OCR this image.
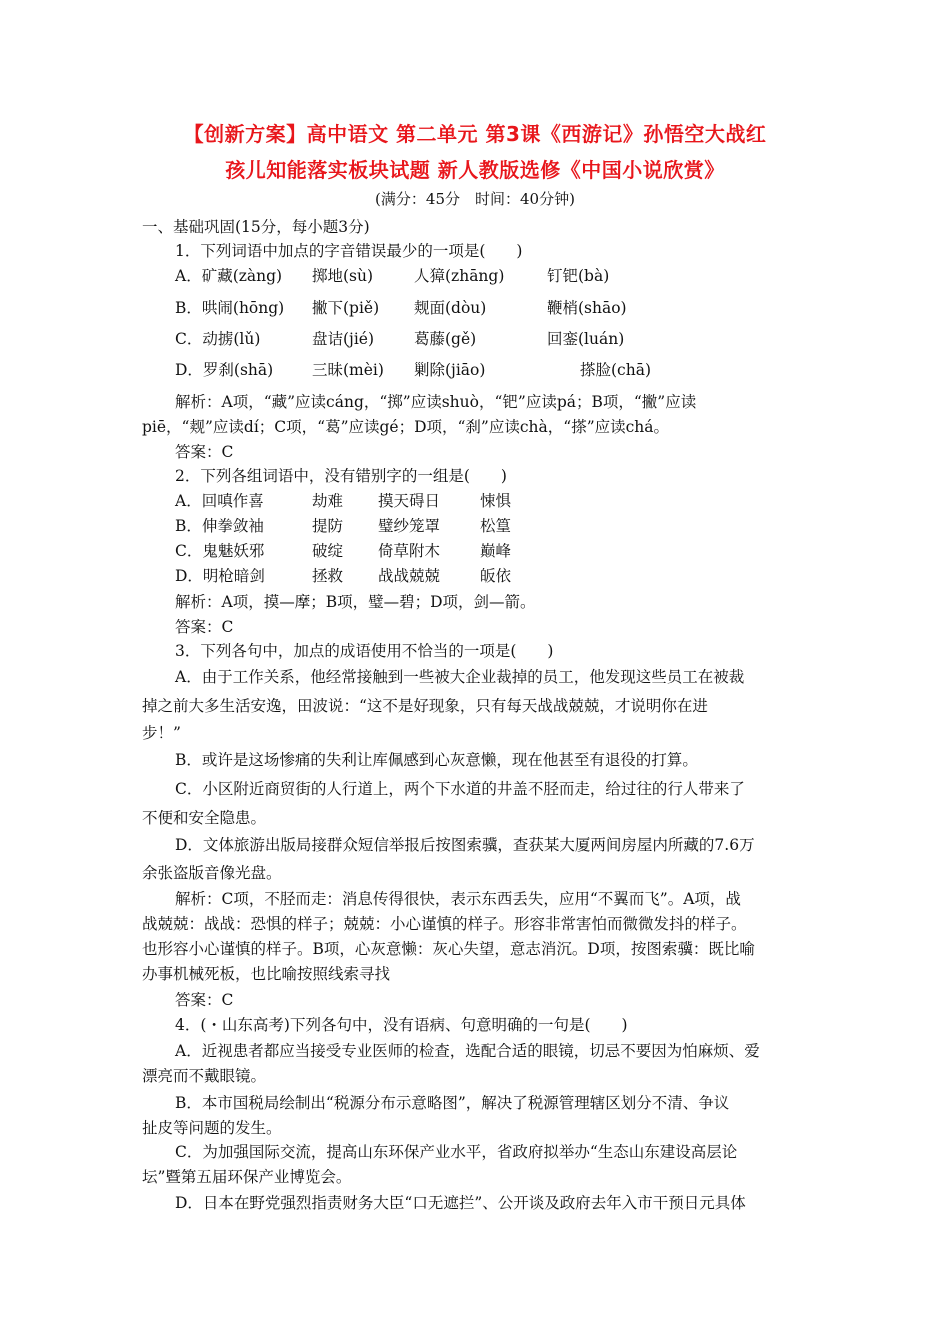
【创新方案】高中语文 第二单元 第3课《西游记》孙悟空大战红
孩儿知能落实板块试题 新人教版选修《中国小说欣赏》
(满分：45分　时间：40分钟)
一、基础巩固(15分，每小题3分)
1．下列词语中加点的字音错误最少的一项是(　　)
A．矿藏(zàng) 掷地(sù)	人獐(zhāng)	钉钯(bà)
B．哄闹(hōng) 撇下(piě) 觌面(dòu)	鞭梢(shāo)
C．动掳(lǔ)	盘诘(jié)	葛藤(gě)	回銮(luán)
D．罗刹(shā)	三昧(mèi) 剿除(jiāo)	搽脸(chā)
解析：A项，“藏”应读cáng，“掷”应读shuò，“钯”应读pá；B项，“撇”应读
piē，“觌”应读dí；C项，“葛”应读gé；D项，“刹”应读chà，“搽”应读chá。
答案：C
2．下列各组词语中，没有错别字的一组是(　　)
A．回嗔作喜	劫难 摸天碍日	悚惧
B．伸拳敛袖	提防 璧纱笼罩	松篁
C．鬼魅妖邪	破绽 倚草附木	巅峰
D．明枪暗剑	拯救 战战兢兢	皈依
解析：A项，摸—摩；B项，璧—碧；D项，剑—箭。
答案：C
3．下列各句中，加点的成语使用不恰当的一项是(　　)
A．由于工作关系，他经常接触到一些被大企业裁掉的员工，他发现这些员工在被裁
掉之前大多生活安逸，田波说：“这不是好现象，只有每天战战兢兢，才说明你在进
步！”
B．或许是这场惨痛的失利让库佩感到心灰意懒，现在他甚至有退役的打算。
C．小区附近商贸街的人行道上，两个下水道的井盖不胫而走，给过往的行人带来了
不便和安全隐患。
D．文体旅游出版局接群众短信举报后按图索骥，查获某大厦两间房屋内所藏的7.6万
余张盗版音像光盘。
解析：C项，不胫而走：消息传得很快，表示东西丢失，应用“不翼而飞”。A项，战
战兢兢：战战：恐惧的样子；兢兢：小心谨慎的样子。形容非常害怕而微微发抖的样子。
也形容小心谨慎的样子。B项，心灰意懒：灰心失望，意志消沉。D项，按图索骥：既比喻
办事机械死板，也比喻按照线索寻找
答案：C
4．(・山东高考)下列各句中，没有语病、句意明确的一句是(　　)
A．近视患者都应当接受专业医师的检查，选配合适的眼镜，切忌不要因为怕麻烦、爱
漂亮而不戴眼镜。
B．本市国税局绘制出“税源分布示意略图”，解决了税源管理辖区划分不清、争议
扯皮等问题的发生。
C．为加强国际交流，提高山东环保产业水平，省政府拟举办“生态山东建设高层论
坛”暨第五届环保产业博览会。
D．日本在野党强烈指责财务大臣“口无遮拦”、公开谈及政府去年入市干预日元具体
